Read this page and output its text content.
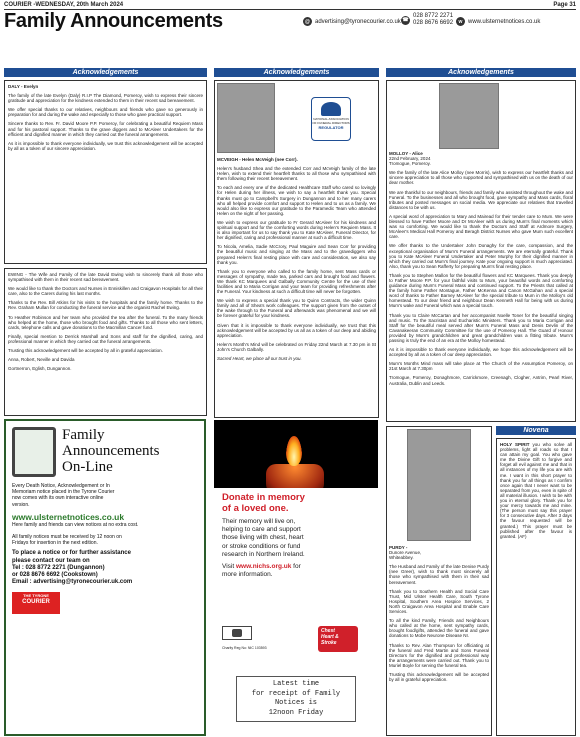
COURIER -WEDNESDAY, 20th March 2024	Page 31
Family Announcements	@ advertising@tyronecourier.co.uk ☎
028 8772 2271
028 8676 6692	w www.ulsternetnotices.co.uk
Acknowledgements	Acknowledgements	Acknowledgements

DALY - Evelyn

The family of the late Evelyn (Daly) R.I.P The Diamond, Pomeroy, wish to express their sincere gratitude and appreciation for the kindness extended to them in their recent sad bereavement.

We offer special thanks to our relatives, neighbours and friends who gave so generously in preparation for and during the wake and especially to those who gave practical support.

Sincere thanks to Rev. Fr. David Moore P.P. Pomeroy, for celebrating a beautiful Requiem Mass and for his pastoral support. Thanks to the grave diggers and to McAleer Undertakers for the efficient and dignified manner in which they carried out the funeral arrangements.

As it is impossible to thank everyone individually, we trust this acknowledgement will be accepted by all as a token of our sincere appreciation.

EWING - The Wife and Family of the late David Ewing wish to sincerely thank all those who sympathised with them in their recent sad bereavement.

We would like to thank the Doctors and Nurses in Enniskillen and Craigavon Hospitals for all their care, also to the Carers during his last months.

Thanks to the Rev. Bill Atkins for his visits to the hospitals and the family home. Thanks to the Rev. Graham Mullan for conducting the funeral service and the organist Rachel Ewing.

To Heather Robinson and her team who provided the tea after the funeral. To the many friends who helped at the home, those who brought food and gifts. Thanks to all those who sent letters, cards, telephone calls and gave donations to the Macmillan Cancer fund.

Finally, special mention to Derrick Marshall and Sons and staff for the dignified, caring, and professional manner in which they carried out the funeral arrangements.

Trusting this acknowledgement will be accepted by all in grateful appreciation.

Anna, Robert, Neville and Davida

Gortnerron, Eglish, Dungannon.

NATIONAL ASSOCIATION OF FUNERAL DIRECTORS
REGULATOR

MCVEIGH - Helen McVeigh (nee Corr).

Helen's husband Shea and the extended Corr and McVeigh family of the late Helen, wish to extend their heartfelt thanks to all those who sympathised with them following their recent bereavement.

To each and every one of the dedicated Healthcare Staff who cared so lovingly for Helen during her illness, we wish to say a heartfelt thank you. Special thanks must go to Campbell's Surgery in Dungannon and to her many carers who all helped provide comfort and support to Helen and to us as a family. We would also like to express our gratitude to the Paramedic Team who attended Helen on the night of her passing.

We wish to express our gratitude to Fr Gerard McAleer for his kindness and spiritual support and for the comforting words during Helen's Requiem Mass. It is also important for us to say thank you to Kate McAleer, Funeral Director, for her dignified, caring and professional manner at such a difficult time.

To Nicola, Amelia, Sadie McCrory, Paul Maguire and Sean Corr for providing the beautiful music and singing at the Mass and to the gravediggers who prepared Helen's final resting place with care and consideration, we also say thank you.

Thank you to everyone who called to the family home, sent Mass cards or messages of sympathy, made tea, parked cars and brought food and flowers. We thank KC Marquees and Galbally Community Centre for the use of their facilities and to Maria Corrigan and your team for providing refreshments after the Funeral. Your kindness at such a difficult time will never be forgotten.

We wish to express a special thank you to Quinn Contracts, the wider Quinn family and all of Shea's work colleagues. The support given from the outset of the wake through to the Funeral and afterwards was phenomenal and we will be forever grateful for your kindness.

Given that it is impossible to thank everyone individually, we trust that this acknowledgement will be accepted by us all as a token of our deep and abiding appreciation.

Helen's Month's Mind will be celebrated on Friday 22nd March at 7.30 pm in St John's Church Galbally.

Sacred Heart, we place all our trust in you.

MOLLOY - Alice

22nd February, 2024

Tromogue, Pomeroy.

We the family of the late Alice Molloy (nee Morris), wish to express our heartfelt thanks and sincere appreciation to all those who supported and sympathised with us on the death of our dear mother.

We are thankful to our neighbours, friends and family who assisted throughout the wake and Funeral. To the businesses and all who brought food, gave sympathy and Mass cards, floral tributes and posted messages on social media. We appreciate our relatives that travelled distances to be with us.

A special word of appreciation to Mary and Mairead for their tender care to Mum. We were blessed to have Father Moore and Dr McAleer with us during Mum's final moments which was so comforting. We would like to thank the Doctors and Staff at Ardmore Surgery, McAleer's Medical Hall Pomeroy and Beragh District Nurses who gave Mum such excellent care.

We offer thanks to the Undertaker John Donaghy for the care, compassion, and the exceptional organisation of Mum's Funeral arrangements. We are eternally grateful. Thank you to Kate McAleer Funeral Undertaker and Peter Murphy for their dignified manner in which they carried out Mum's final journey. Kate your ongoing support is much appreciated. Also, thank you to Sean Rafferty for preparing Mum's final resting place.

Thank you to Stephen Mallon for the beautiful flowers and KC Marquees. Thank you deeply to Father Moore P.P. for your faithful visits to Mum, your beautiful words and comforting guidance during Mum's Funeral Mass and continued support. To the Priests that called at the family home Father Montague, Father McKenna and Canon McGahan and a special word of thanks to Father Barney McAleer for the special tribute to Mum in the Molloy's old homestead. To our dear friend and neighbour Dean Kenneth Hall for being with us during Mum's wake and Funeral which was a special touch.

Thank you to Claire McCartan and her accompanist Noelle Toner for the beautiful singing and music. To the Sacristan and Eucharistic Ministers. Thank you to Maria Corrigan and Staff for the beautiful meal served after Mum's Funeral Mass and Denis Devlin of the Cavanakeeran Community Committee for the use of Pomeroy Hall. The Guard of Honour provided by Mum's grandchildren and great grandchildren was a fitting tribute. Mum's passing is truly the end of an era at the Molloy homestead.

As it is impossible to thank everyone individually, we hope this acknowledgement will be accepted by all as a token of our deep appreciation.

Mum's Months Mind mass will take place at The Church of the Assumption Pomeroy, on 21st March at 7.30pm

Tromogue, Pomeroy, Donaghmore, Carrickmore, Creenagh, Clogher, Antrim, Pearl River, Australia, Dublin and Leeds.

PURDY -

Dunore Avenue,

Whiteabbey.

The Husband and Family of the late Denise Purdy (nee Greer), wish to thank most sincerely all those who sympathised with them in their sad bereavement.

Thank you to Southern Health and Social Care Trust, Mid Ulster Health Care, South Tyrone Hospital, Southern Area Hospice Services, 2 North Craigavon Area Hospital and Enable Care Services.

To all the kind Family, Friends and Neighbours who called at the home, sent sympathy cards, brought food/gifts, attended the funeral and gave donations to Mobe Neurone Disease NI.

Thanks to Rev. Alan Thompson for officiating at the funeral and Fred Martin and Sons Funeral Directors for the dignified and professional way the arrangements were carried out. Thank you to Muriel Boyle for serving the funeral tea.

Trusting this acknowledgement will be accepted by all in grateful appreciation.

Novena

HOLY SPIRIT you who solve all problems, light all roads so that I can attain my goal. You who gave me the Divine Gift to forgive and forget all evil against me and that in all instances of my life you are with me. I want in this short prayer to thank you for all things as I confirm once again that I never want to be separated from you, even in spite of all material illusion. I wish to be with you in eternal glory. Thank you for your mercy towards me and mine. (The person must say this prayer for 3 consecutive days. After 3 days the favour requested will be granted.) This prayer must be published after the favour is granted. (AF)

Family
Announcements
On-Line
Every Death Notice, Acknowledgement or In
Memoriam notice placed in the Tyrone Courier
now comes with its own interactive online
version.
www.ulsternetnotices.co.uk
Here family and friends can view notices at no extra cost.
All family notices must be received by 12 noon on
Fridays for insertion in the next edition.
To place a notice or for further assistance
please contact our team on
Tel : 028 8772 2271 (Dungannon)
or 028 8676 6692 (Cookstown)
Email : advertising@tyronecourier.uk.com
THE TYRONE
COURIER
Donate in memory
of a loved one.
Their memory will live on,
helping to care and support
those living with chest, heart
or stroke conditions or fund
research in Northern Ireland.
Visit www.nichs.org.uk for
more information.
Charity Reg No: NIC 103593
Chest
Heart &
Stroke
Latest time
for receipt of Family
Notices is
12noon Friday
